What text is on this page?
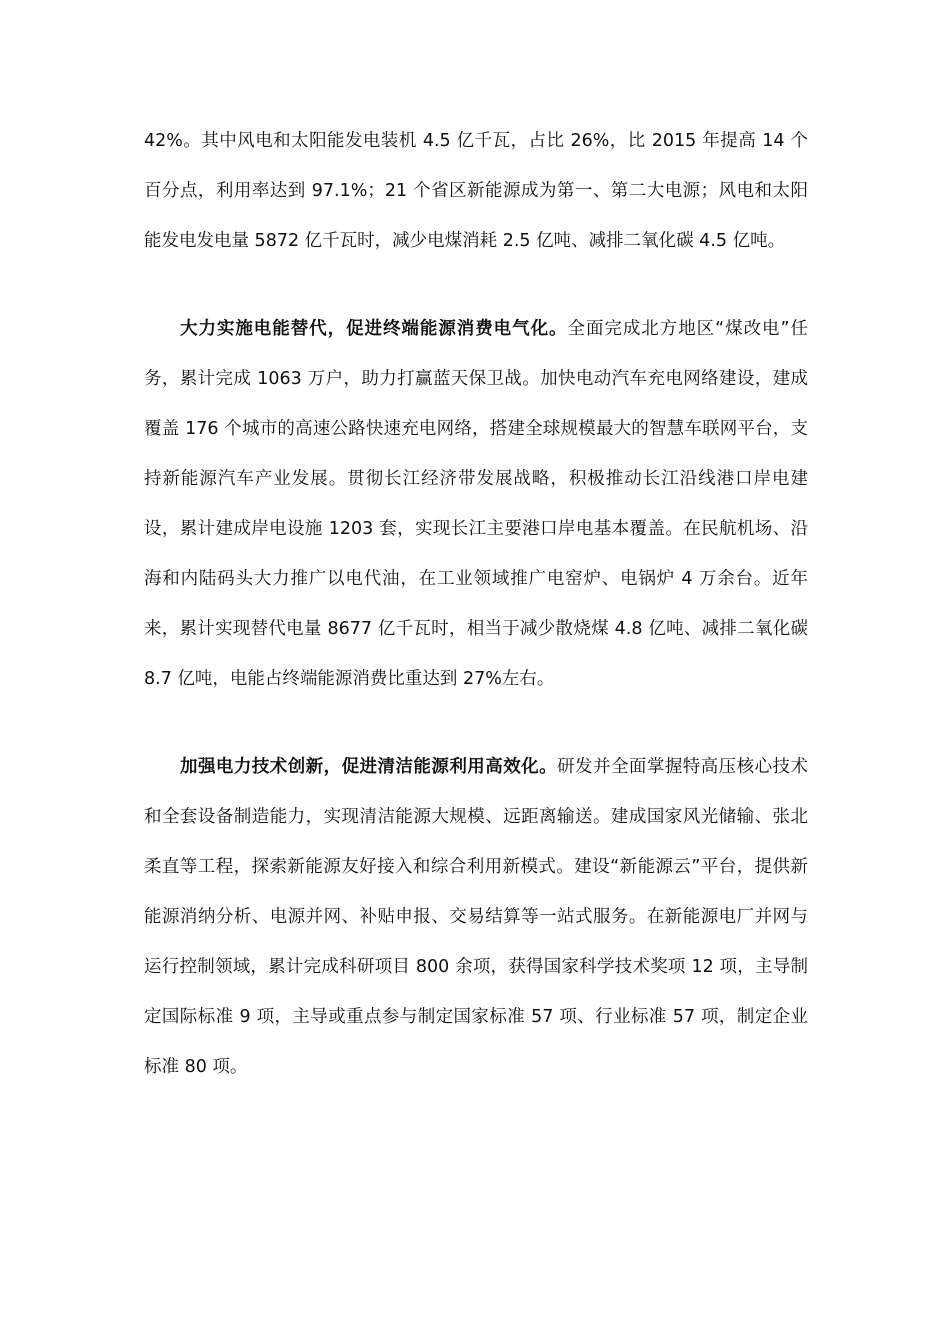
42%。其中风电和太阳能发电装机 4.5 亿千瓦，占比 26%，比 2015 年提高 14 个百分点，利用率达到 97.1%；21 个省区新能源成为第一、第二大电源；风电和太阳能发电发电量 5872 亿千瓦时，减少电煤消耗 2.5 亿吨、减排二氧化碳 4.5 亿吨。

大力实施电能替代，促进终端能源消费电气化。全面完成北方地区“煤改电”任务，累计完成 1063 万户，助力打赢蓝天保卫战。加快电动汽车充电网络建设，建成覆盖 176 个城市的高速公路快速充电网络，搭建全球规模最大的智慧车联网平台，支持新能源汽车产业发展。贯彻长江经济带发展战略，积极推动长江沿线港口岸电建设，累计建成岸电设施 1203 套，实现长江主要港口岸电基本覆盖。在民航机场、沿海和内陆码头大力推广以电代油，在工业领域推广电窑炉、电锅炉 4 万余台。近年来，累计实现替代电量 8677 亿千瓦时，相当于减少散烧煤 4.8 亿吨、减排二氧化碳 8.7 亿吨，电能占终端能源消费比重达到 27%左右。

加强电力技术创新，促进清洁能源利用高效化。研发并全面掌握特高压核心技术和全套设备制造能力，实现清洁能源大规模、远距离输送。建成国家风光储输、张北柔直等工程，探索新能源友好接入和综合利用新模式。建设“新能源云”平台，提供新能源消纳分析、电源并网、补贴申报、交易结算等一站式服务。在新能源电厂并网与运行控制领域，累计完成科研项目 800 余项，获得国家科学技术奖项 12 项，主导制定国际标准 9 项，主导或重点参与制定国家标准 57 项、行业标准 57 项，制定企业标准 80 项。
